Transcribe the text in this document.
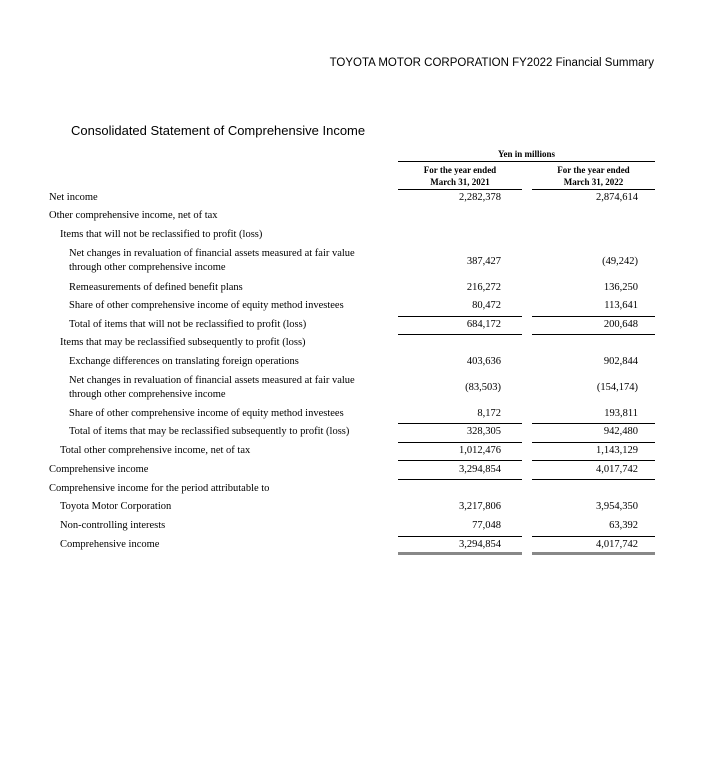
TOYOTA MOTOR CORPORATION FY2022 Financial Summary
Consolidated Statement of Comprehensive Income
Yen in millions
For the year ended
March 31, 2021
For the year ended
March 31, 2022
Net income	2,282,378	2,874,614
Other comprehensive income, net of tax
Items that will not be reclassified to profit (loss)
Net changes in revaluation of financial assets measured at fair value
through other comprehensive income
387,427	(49,242)
Remeasurements of defined benefit plans	216,272	136,250
Share of other comprehensive income of equity method investees	80,472	113,641
Total of items that will not be reclassified to profit (loss)	684,172	200,648
Items that may be reclassified subsequently to profit (loss)
Exchange differences on translating foreign operations	403,636	902,844
Net changes in revaluation of financial assets measured at fair value
through other comprehensive income
(83,503)	(154,174)
Share of other comprehensive income of equity method investees	8,172	193,811
Total of items that may be reclassified subsequently to profit (loss)	328,305	942,480
Total other comprehensive income, net of tax	1,012,476	1,143,129
Comprehensive income	3,294,854	4,017,742
Comprehensive income for the period attributable to
Toyota Motor Corporation	3,217,806	3,954,350
Non-controlling interests	77,048	63,392
Comprehensive income	3,294,854	4,017,742
